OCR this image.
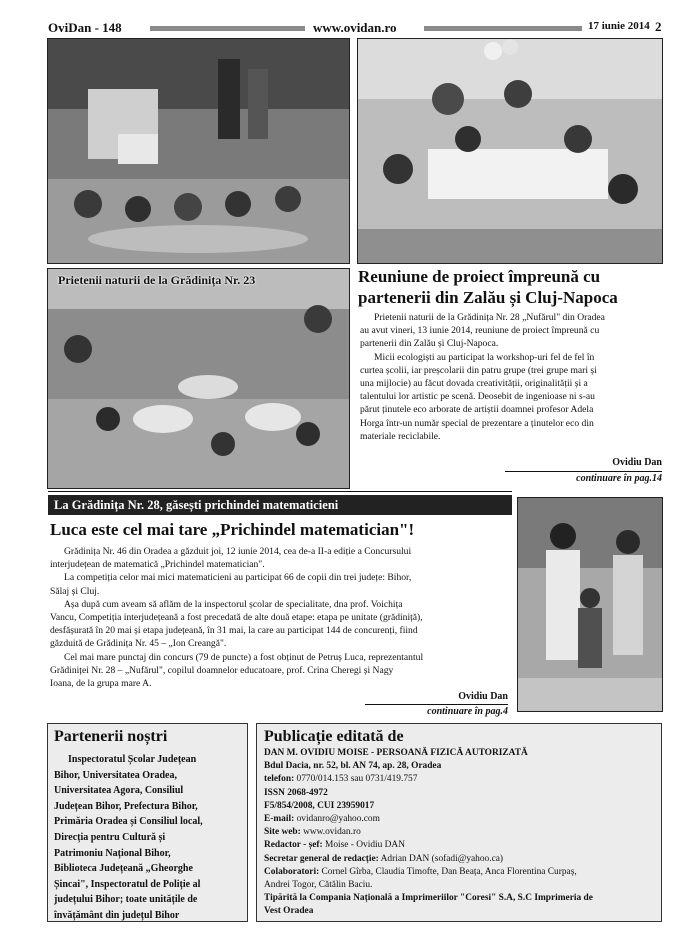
OviDan - 148	www.ovidan.ro	17 iunie 2014 2
Prietenii naturii de la Grădinița Nr. 23	Reuniune de proiect împreună cu
partenerii din Zalău și Cluj-Napoca
Prietenii naturii de la Grădinița Nr. 28 „Nufărul" din Oradea
au avut vineri, 13 iunie 2014, reuniune de proiect împreună cu
partenerii din Zalău și Cluj-Napoca.
Micii ecologiști au participat la workshop-uri fel de fel în
curtea școlii, iar preșcolarii din patru grupe (trei grupe mari și
una mijlocie) au făcut dovada creativității, originalității și a
talentului lor artistic pe scenă. Deosebit de ingenioase ni s-au
părut ținutele eco arborate de artiștii doamnei profesor Adela
Horga într-un număr special de prezentare a ținutelor eco din
materiale reciclabile.
Ovidiu Dan
continuare în pag.14
La Grădinița Nr. 28, găsești prichindei matematicieni
Luca este cel mai tare „Prichindel matematician"!
Grădinița Nr. 46 din Oradea a găzduit joi, 12 iunie 2014, cea de-a II-a ediție a Concursului
interjudețean de matematică „Prichindel matematician".
La competiția celor mai mici matematicieni au participat 66 de copii din trei județe: Bihor,
Sălaj și Cluj.
Așa după cum aveam să aflăm de la inspectorul școlar de specialitate, dna prof. Voichița
Vancu, Competiția interjudețeană a fost precedată de alte două etape: etapa pe unitate (grădiniță),
desfășurată în 20 mai și etapa județeană, în 31 mai, la care au participat 144 de concurenți, fiind
găzduită de Grădinița Nr. 45 – „Ion Creangă".
Cel mai mare punctaj din concurs (79 de puncte) a fost obținut de Petruș Luca, reprezentantul
Grădiniței Nr. 28 – „Nufărul", copilul doamnelor educatoare, prof. Crina Cheregi și Nagy
Ioana, de la grupa mare A.
Ovidiu Dan
continuare în pag.4
Partenerii noștri
Inspectoratul Școlar Județean
Bihor, Universitatea Oradea,
Universitatea Agora, Consiliul
Județean Bihor, Prefectura Bihor,
Primăria Oradea și Consiliul local,
Direcția pentru Cultură și
Patrimoniu Național Bihor,
Biblioteca Județeană „Gheorghe
Șincai", Inspectoratul de Poliție al
județului Bihor; toate unitățile de
învățământ din județul Bihor
Publicație editată de
DAN M. OVIDIU MOISE - PERSOANĂ FIZICĂ AUTORIZATĂ
Bdul Dacia, nr. 52, bl. AN 74, ap. 28, Oradea
telefon: 0770/014.153 sau 0731/419.757
ISSN 2068-4972
F5/854/2008, CUI 23959017
E-mail: ovidanro@yahoo.com
Site web: www.ovidan.ro
Redactor - șef: Moise - Ovidiu DAN
Secretar general de redacție: Adrian DAN (sofadi@yahoo.ca)
Colaboratori: Cornel Gîrba, Claudia Timofte, Dan Beața, Anca Florentina Curpaș,
Andrei Togor, Cătălin Baciu.
Tipărită la Compania Națională a Imprimeriilor "Coresi" S.A, S.C Imprimeria de
Vest Oradea
